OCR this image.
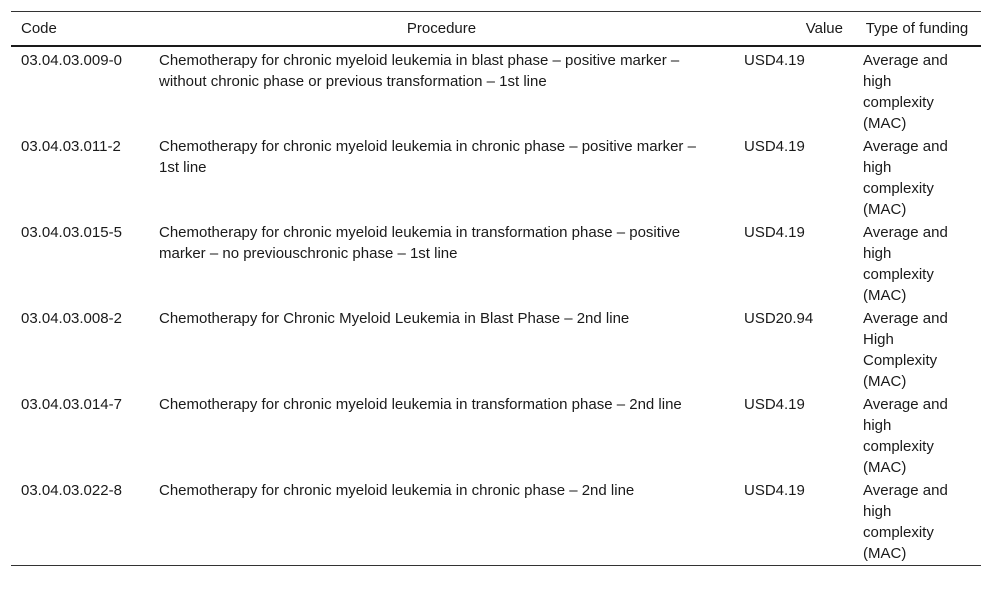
Code	Procedure	Value	Type of funding
03.04.03.009-0	Chemotherapy for chronic myeloid leukemia in blast phase – positive marker – without chronic phase or previous transformation – 1st line	USD4.19	Average and high complexity (MAC)
03.04.03.011-2	Chemotherapy for chronic myeloid leukemia in chronic phase – positive marker – 1st line	USD4.19	Average and high complexity (MAC)
03.04.03.015-5	Chemotherapy for chronic myeloid leukemia in transformation phase – positive marker – no previouschronic phase – 1st line	USD4.19	Average and high complexity (MAC)
03.04.03.008-2	Chemotherapy for Chronic Myeloid Leukemia in Blast Phase – 2nd line	USD20.94	Average and High Complexity (MAC)
03.04.03.014-7	Chemotherapy for chronic myeloid leukemia in transformation phase – 2nd line	USD4.19	Average and high complexity (MAC)
03.04.03.022-8	Chemotherapy for chronic myeloid leukemia in chronic phase – 2nd line	USD4.19	Average and high complexity (MAC)
